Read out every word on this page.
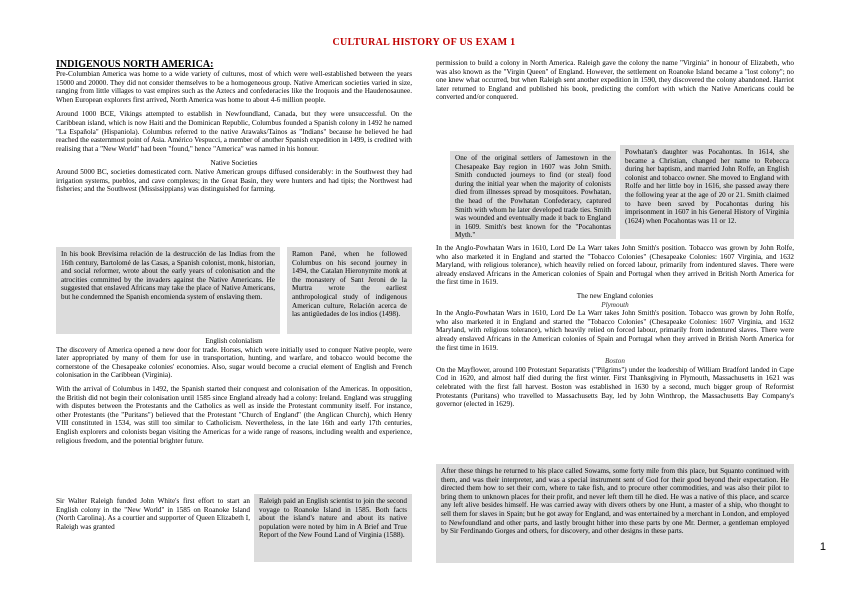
CULTURAL HISTORY OF US EXAM 1
INDIGENOUS NORTH AMERICA:

Pre-Columbian America was home to a wide variety of cultures, most of which were well-established between the years 15000 and 20000. They did not consider themselves to be a homogeneous group. Native American societies varied in size, ranging from little villages to vast empires such as the Aztecs and confederacies like the Iroquois and the Haudenosaunee. When European explorers first arrived, North America was home to about 4-6 million people.

Around 1000 BCE, Vikings attempted to establish in Newfoundland, Canada, but they were unsuccessful. On the Caribbean island, which is now Haiti and the Dominican Republic, Columbus founded a Spanish colony in 1492 he named "La Española" (Hispaniola). Columbus referred to the native Arawaks/Tainos as "Indians" because he believed he had reached the easternmost point of Asia. Américo Vespucci, a member of another Spanish expedition in 1499, is credited with realising that a "New World" had been "found," hence "America" was named in his honour.

Native Societies

Around 5000 BC, societies domesticated corn. Native American groups diffused considerably: in the Southwest they had irrigation systems, pueblos, and cave complexes; in the Great Basin, they were hunters and had tipis; the Northwest had fisheries; and the Southwest (Mississippians) was distinguished for farming.

In his book Brevísima relación de la destrucción de las Indias from the 16th century, Bartolomé de las Casas, a Spanish colonist, monk, historian, and social reformer, wrote about the early years of colonisation and the atrocities committed by the invaders against the Native Americans. He suggested that enslaved Africans may take the place of Native Americans, but he condemned the Spanish encomienda system of enslaving them.
Ramon Pané, when he followed Columbus on his second journey in 1494, the Catalan Hieronymite monk at the monastery of Sant Jeroni de la Murtra wrote the earliest anthropological study of indigenous American culture, Relación acerca de las antigüedades de los indios (1498).

English colonialism

The discovery of America opened a new door for trade. Horses, which were initially used to conquer Native people, were later appropriated by many of them for use in transportation, hunting, and warfare, and tobacco would become the cornerstone of the Chesapeake colonies' economies. Also, sugar would become a crucial element of English and French colonisation in the Caribbean (Virginia).

With the arrival of Columbus in 1492, the Spanish started their conquest and colonisation of the Americas. In opposition, the British did not begin their colonisation until 1585 since England already had a colony: Ireland. England was struggling with disputes between the Protestants and the Catholics as well as inside the Protestant community itself. For instance, other Protestants (the "Puritans") believed that the Protestant "Church of England" (the Anglican Church), which Henry VIII constituted in 1534, was still too similar to Catholicism. Nevertheless, in the late 16th and early 17th centuries, English explorers and colonists began visiting the Americas for a wide range of reasons, including wealth and experience, religious freedom, and the potential brighter future.

Sir Walter Raleigh funded John White's first effort to start an English colony in the "New World" in 1585 on Roanoke Island (North Carolina). As a courtier and supporter of Queen Elizabeth I, Raleigh was granted

Raleigh paid an English scientist to join the second voyage to Roanoke Island in 1585. Both facts about the island's nature and about its native population were noted by him in A Brief and True Report of the New Found Land of Virginia (1588).

permission to build a colony in North America. Raleigh gave the colony the name "Virginia" in honour of Elizabeth, who was also known as the "Virgin Queen" of England. However, the settlement on Roanoke Island became a "lost colony"; no one knew what occurred, but when Raleigh sent another expedition in 1590, they discovered the colony abandoned. Harriot later returned to England and published his book, predicting the comfort with which the Native Americans could be converted and/or conquered.

One of the original settlers of Jamestown in the Chesapeake Bay region in 1607 was John Smith. Smith conducted journeys to find (or steal) food during the initial year when the majority of colonists died from illnesses spread by mosquitoes. Powhatan, the head of the Powhatan Confederacy, captured Smith with whom he later developed trade ties. Smith was wounded and eventually made it back to England in 1609. Smith's best known for the "Pocahontas Myth."
Powhatan's daughter was Pocahontas. In 1614, she became a Christian, changed her name to Rebecca during her baptism, and married John Rolfe, an English colonist and tobacco owner. She moved to England with Rolfe and her little boy in 1616, she passed away there the following year at the age of 20 or 21. Smith claimed to have been saved by Pocahontas during his imprisonment in 1607 in his General History of Virginia (1624) when Pocahontas was 11 or 12.

In the Anglo-Powhatan Wars in 1610, Lord De La Warr takes John Smith's position. Tobacco was grown by John Rolfe, who also marketed it in England and started the "Tobacco Colonies" (Chesapeake Colonies: 1607 Virginia, and 1632 Maryland, with religious tolerance), which heavily relied on forced labour, primarily from indentured slaves. There were already enslaved Africans in the American colonies of Spain and Portugal when they arrived in British North America for the first time in 1619.

The new England colonies

Plymouth

In the Anglo-Powhatan Wars in 1610, Lord De La Warr takes John Smith's position. Tobacco was grown by John Rolfe, who also marketed it in England and started the "Tobacco Colonies" (Chesapeake Colonies: 1607 Virginia, and 1632 Maryland, with religious tolerance), which heavily relied on forced labour, primarily from indentured slaves. There were already enslaved Africans in the American colonies of Spain and Portugal when they arrived in British North America for the first time in 1619.

Boston

On the Mayflower, around 100 Protestant Separatists ("Pilgrims") under the leadership of William Bradford landed in Cape Cod in 1620, and almost half died during the first winter. First Thanksgiving in Plymouth, Massachusetts in 1621 was celebrated with the first fall harvest. Boston was established in 1630 by a second, much bigger group of Reformist Protestants (Puritans) who travelled to Massachusetts Bay, led by John Winthrop, the Massachusetts Bay Company's governor (elected in 1629).

After these things he returned to his place called Sowams, some forty mile from this place, but Squanto continued with them, and was their interpreter, and was a special instrument sent of God for their good beyond their expectation. He directed them how to set their corn, where to take fish, and to procure other commodities, and was also their pilot to bring them to unknown places for their profit, and never left them till he died. He was a native of this place, and scarce any left alive besides himself. He was carried away with divers others by one Hunt, a master of a ship, who thought to sell them for slaves in Spain; but he got away for England, and was entertained by a merchant in London, and employed to Newfoundland and other parts, and lastly brought hither into these parts by one Mr. Dermer, a gentleman employed by Sir Ferdinando Gorges and others, for discovery, and other designs in these parts.
1
